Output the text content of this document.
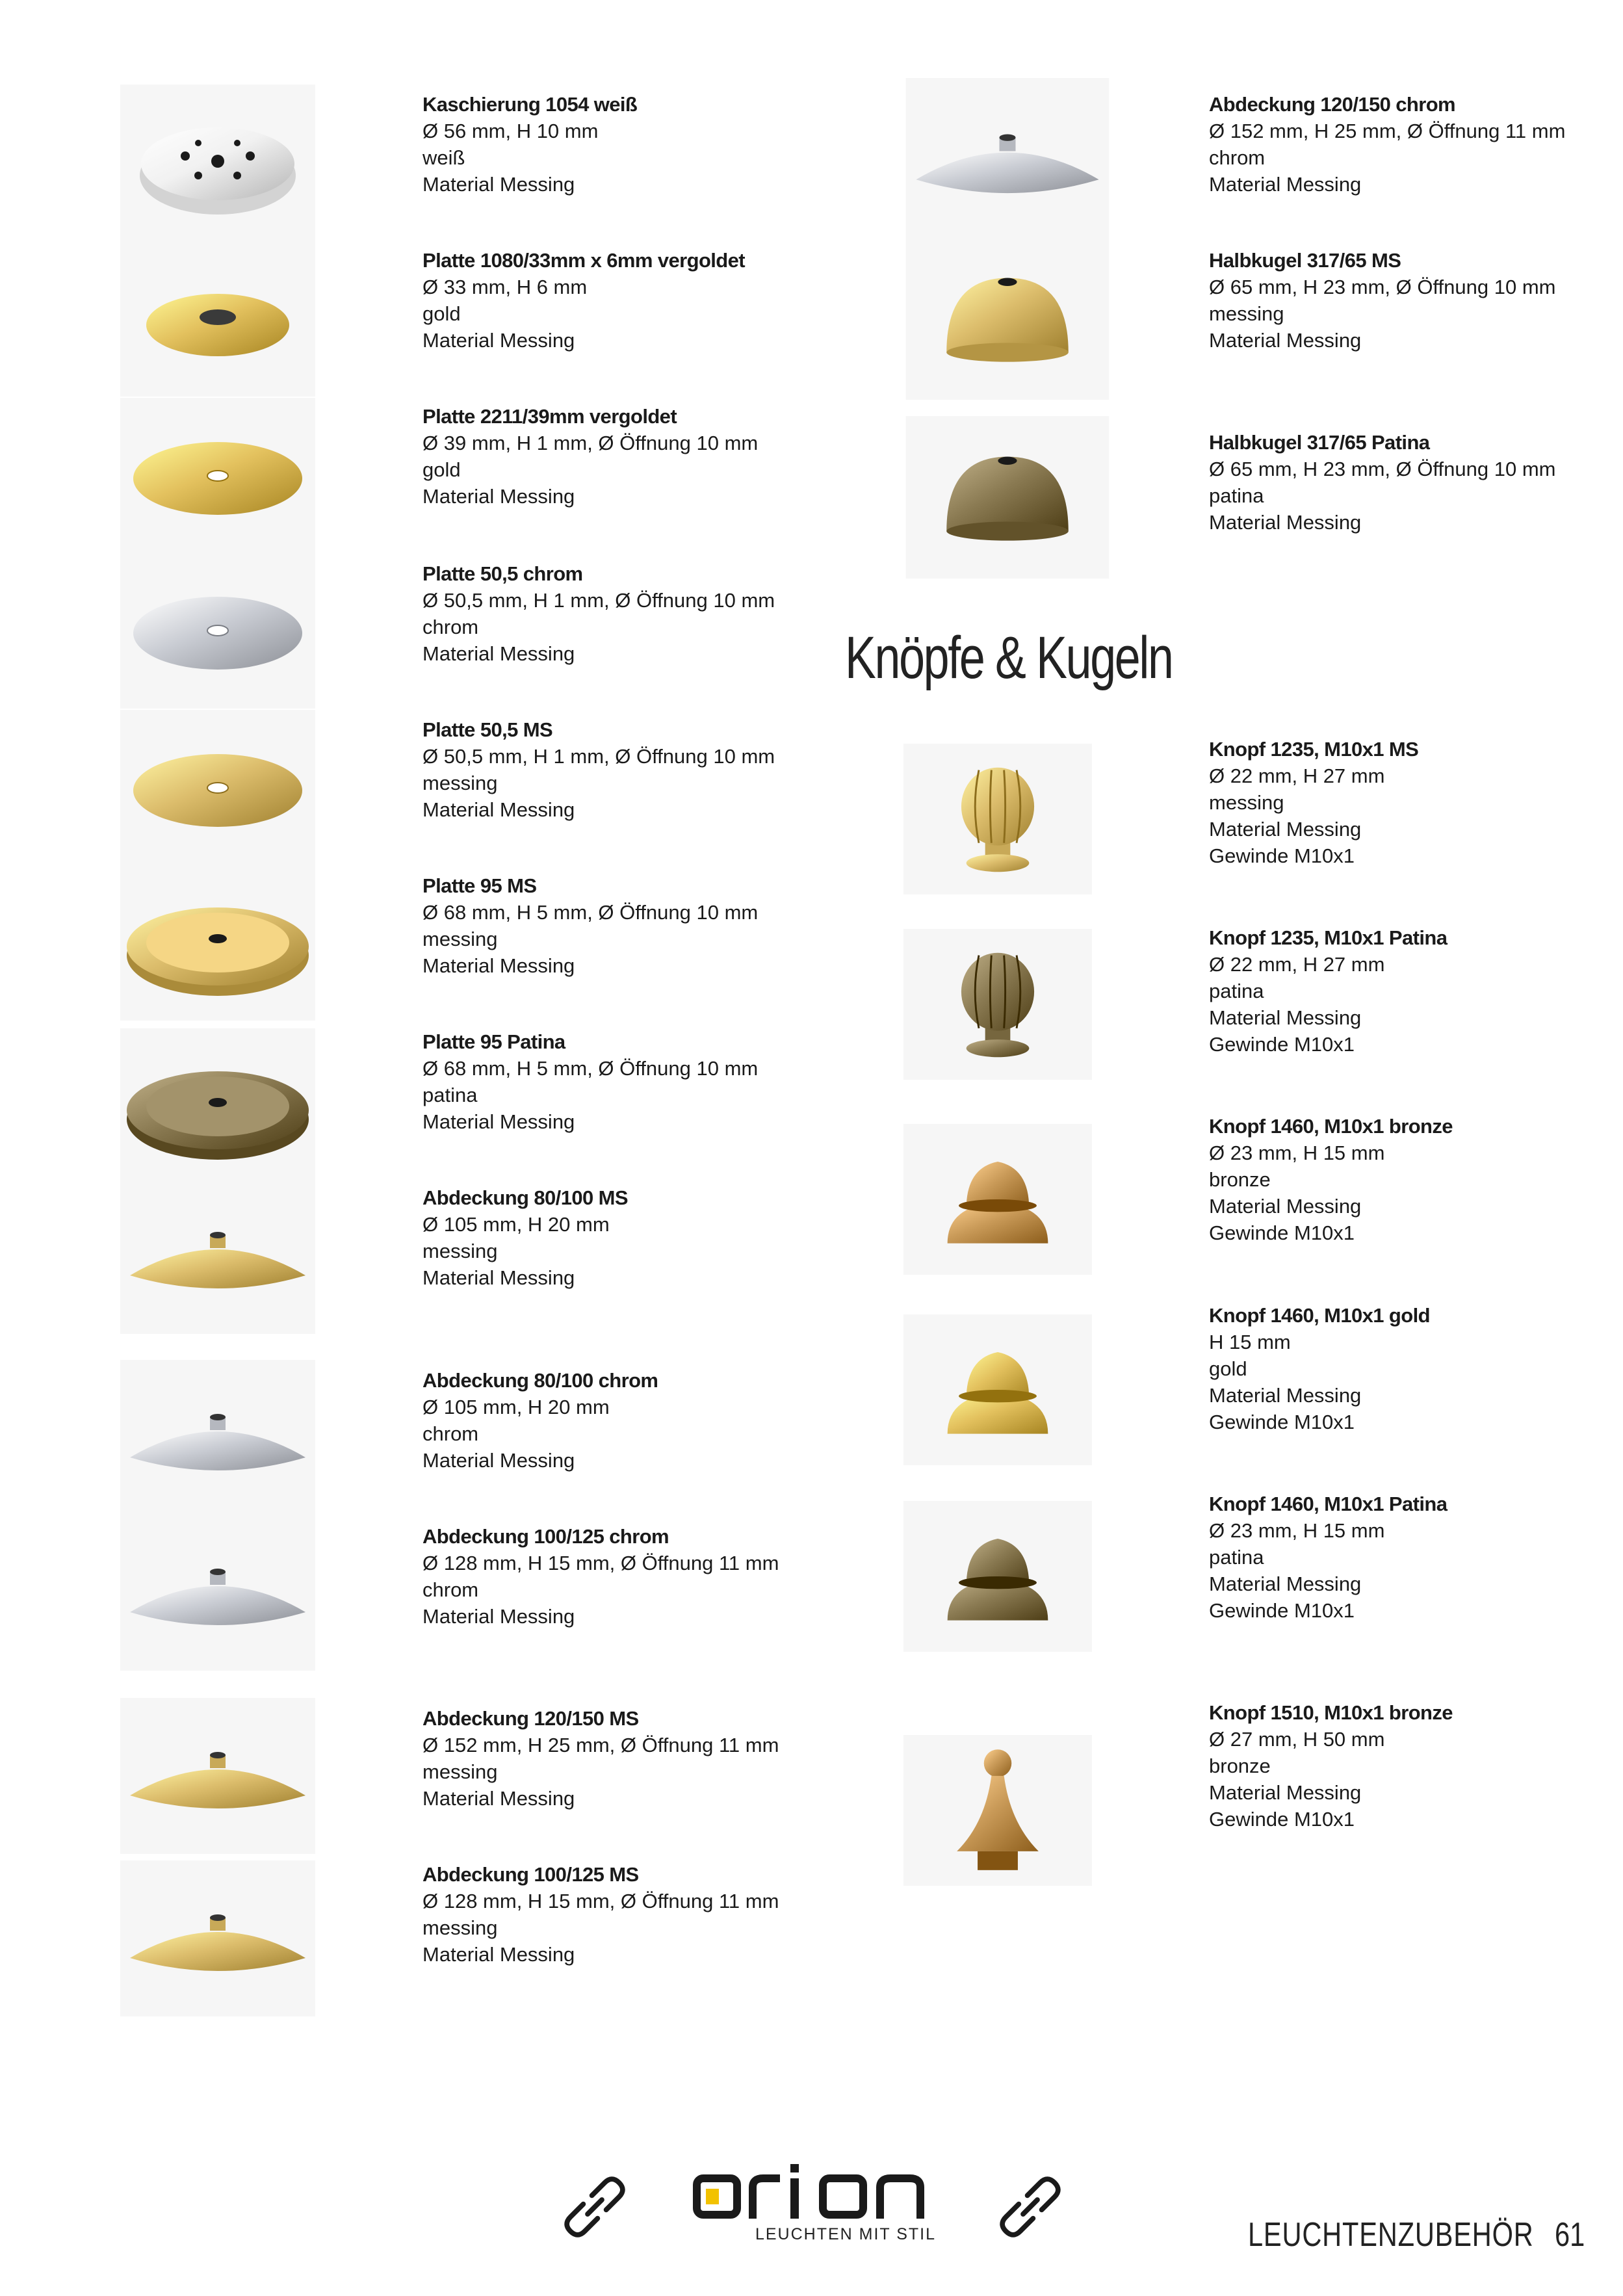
Kaschierung 1054 weiß
Ø 56 mm, H 10 mm
weiß
Material Messing
Platte 1080/33mm x 6mm vergoldet
Ø 33 mm, H 6 mm
gold
Material Messing
Platte 2211/39mm vergoldet
Ø 39 mm, H 1 mm, Ø Öffnung 10 mm
gold
Material Messing
Platte 50,5 chrom
Ø 50,5 mm, H 1 mm, Ø Öffnung 10 mm
chrom
Material Messing
Platte 50,5 MS
Ø 50,5 mm, H 1 mm, Ø Öffnung 10 mm
messing
Material Messing
Platte 95 MS
Ø 68 mm, H 5 mm, Ø Öffnung 10 mm
messing
Material Messing
Platte 95 Patina
Ø 68 mm, H 5 mm, Ø Öffnung 10 mm
patina
Material Messing
Abdeckung 80/100 MS
Ø 105 mm, H 20 mm
messing
Material Messing
Abdeckung 80/100 chrom
Ø 105 mm, H 20 mm
chrom
Material Messing
Abdeckung 100/125 chrom
Ø 128 mm, H 15 mm, Ø Öffnung 11 mm
chrom
Material Messing
Abdeckung 120/150 MS
Ø 152 mm, H 25 mm, Ø Öffnung 11 mm
messing
Material Messing
Abdeckung 100/125 MS
Ø 128 mm, H 15 mm, Ø Öffnung 11 mm
messing
Material Messing
Abdeckung 120/150 chrom
Ø 152 mm, H 25 mm, Ø Öffnung 11 mm
chrom
Material Messing
Halbkugel 317/65 MS
Ø 65 mm, H 23 mm, Ø Öffnung 10 mm
messing
Material Messing
Halbkugel 317/65 Patina
Ø 65 mm, H 23 mm, Ø Öffnung 10 mm
patina
Material Messing
Knöpfe & Kugeln
Knopf 1235, M10x1 MS
Ø 22 mm, H 27 mm
messing
Material Messing
Gewinde M10x1
Knopf 1235, M10x1 Patina
Ø 22 mm, H 27 mm
patina
Material Messing
Gewinde M10x1
Knopf 1460, M10x1 bronze
Ø 23 mm, H 15 mm
bronze
Material Messing
Gewinde M10x1
Knopf 1460, M10x1 gold
H 15 mm
gold
Material Messing
Gewinde M10x1
Knopf 1460, M10x1 Patina
Ø 23 mm, H 15 mm
patina
Material Messing
Gewinde M10x1
Knopf 1510, M10x1 bronze
Ø 27 mm, H 50 mm
bronze
Material Messing
Gewinde M10x1
LEUCHTEN MIT STIL	LEUCHTENZUBEHÖR 61
